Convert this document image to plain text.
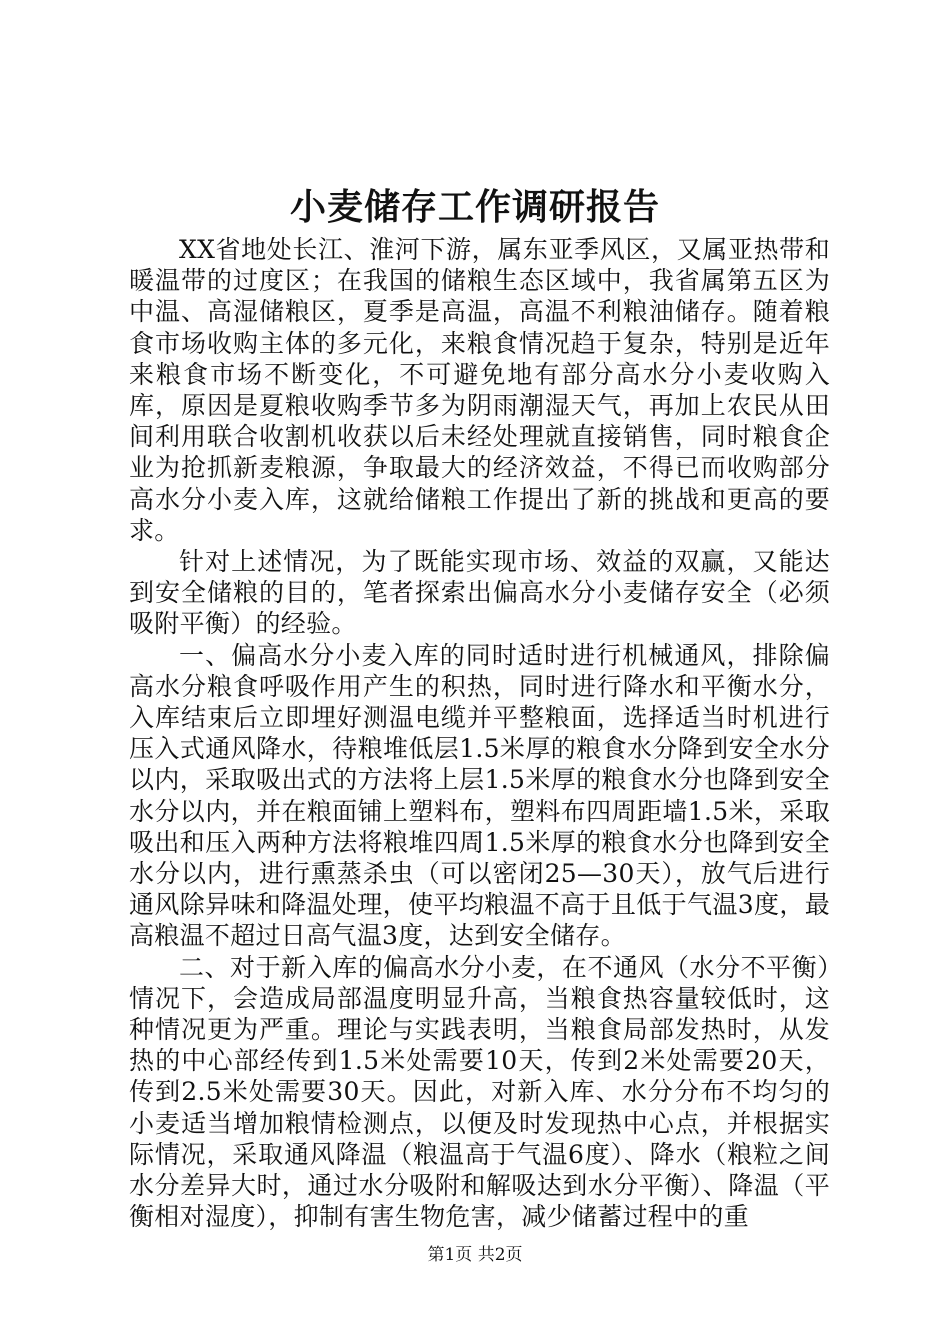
小麦储存工作调研报告

XX省地处长江、淮河下游，属东亚季风区，又属亚热带和暖温带的过度区；在我国的储粮生态区域中，我省属第五区为中温、高湿储粮区，夏季是高温，高温不利粮油储存。随着粮食市场收购主体的多元化，来粮食情况趋于复杂，特别是近年来粮食市场不断变化，不可避免地有部分高水分小麦收购入库，原因是夏粮收购季节多为阴雨潮湿天气，再加上农民从田间利用联合收割机收获以后未经处理就直接销售，同时粮食企业为抢抓新麦粮源，争取最大的经济效益，不得已而收购部分高水分小麦入库，这就给储粮工作提出了新的挑战和更高的要求。

针对上述情况，为了既能实现市场、效益的双赢，又能达到安全储粮的目的，笔者探索出偏高水分小麦储存安全（必须吸附平衡）的经验。

一、偏高水分小麦入库的同时适时进行机械通风，排除偏高水分粮食呼吸作用产生的积热，同时进行降水和平衡水分，入库结束后立即埋好测温电缆并平整粮面，选择适当时机进行压入式通风降水，待粮堆低层1.5米厚的粮食水分降到安全水分以内，采取吸出式的方法将上层1.5米厚的粮食水分也降到安全水分以内，并在粮面铺上塑料布，塑料布四周距墙1.5米，采取吸出和压入两种方法将粮堆四周1.5米厚的粮食水分也降到安全水分以内，进行熏蒸杀虫（可以密闭25—30天），放气后进行通风除异味和降温处理，使平均粮温不高于且低于气温3度，最高粮温不超过日高气温3度，达到安全储存。

二、对于新入库的偏高水分小麦，在不通风（水分不平衡）情况下，会造成局部温度明显升高，当粮食热容量较低时，这种情况更为严重。理论与实践表明，当粮食局部发热时，从发热的中心部经传到1.5米处需要10天，传到2米处需要20天，传到2.5米处需要30天。因此，对新入库、水分分布不均匀的小麦适当增加粮情检测点，以便及时发现热中心点，并根据实际情况，采取通风降温（粮温高于气温6度）、降水（粮粒之间水分差异大时，通过水分吸附和解吸达到水分平衡）、降温（平衡相对湿度），抑制有害生物危害，减少储蓄过程中的重

第1页 共2页
